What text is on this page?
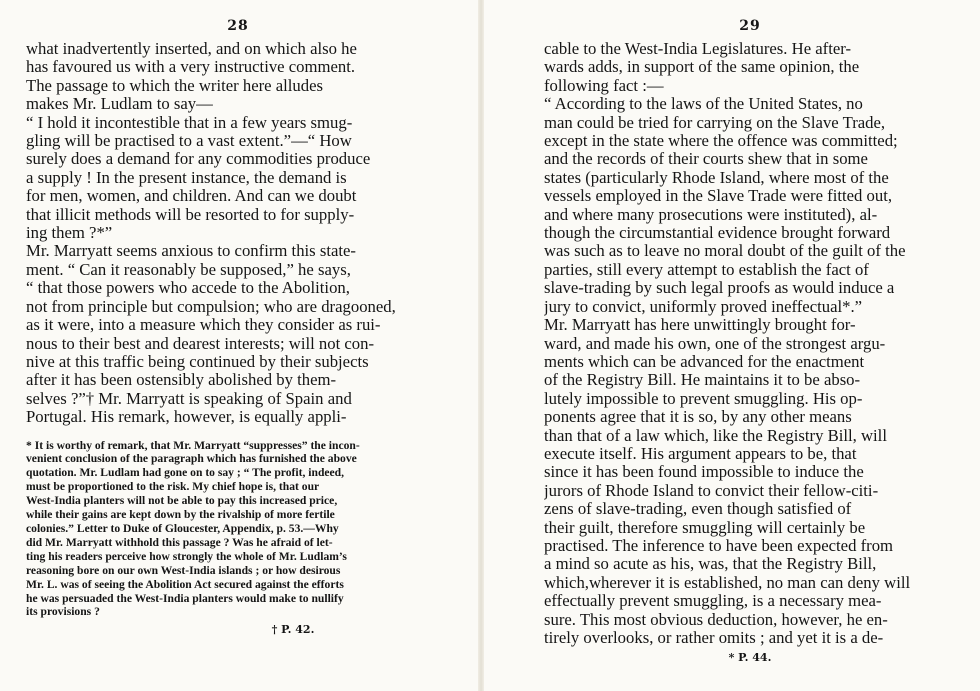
28
what inadvertently inserted, and on which also he
has favoured us with a very instructive comment.
The passage to which the writer here alludes
makes Mr. Ludlam to say—
“ I hold it incontestible that in a few years smug-
gling will be practised to a vast extent.”—“ How
surely does a demand for any commodities produce
a supply ! In the present instance, the demand is
for men, women, and children. And can we doubt
that illicit methods will be resorted to for supply-
ing them ?*”
Mr. Marryatt seems anxious to confirm this state-
ment. “ Can it reasonably be supposed,” he says,
“ that those powers who accede to the Abolition,
not from principle but compulsion; who are dragooned,
as it were, into a measure which they consider as rui-
nous to their best and dearest interests; will not con-
nive at this traffic being continued by their subjects
after it has been ostensibly abolished by them-
selves ?”† Mr. Marryatt is speaking of Spain and
Portugal. His remark, however, is equally appli-
* It is worthy of remark, that Mr. Marryatt “suppresses” the incon-
venient conclusion of the paragraph which has furnished the above
quotation. Mr. Ludlam had gone on to say ; “ The profit, indeed,
must be proportioned to the risk. My chief hope is, that our
West-India planters will not be able to pay this increased price,
while their gains are kept down by the rivalship of more fertile
colonies.” Letter to Duke of Gloucester, Appendix, p. 53.—Why
did Mr. Marryatt withhold this passage ? Was he afraid of let-
ting his readers perceive how strongly the whole of Mr. Ludlam’s
reasoning bore on our own West-India islands ; or how desirous
Mr. L. was of seeing the Abolition Act secured against the efforts
he was persuaded the West-India planters would make to nullify
its provisions ?
† P. 42.
29
cable to the West-India Legislatures. He after-
wards adds, in support of the same opinion, the
following fact :—
“ According to the laws of the United States, no
man could be tried for carrying on the Slave Trade,
except in the state where the offence was committed;
and the records of their courts shew that in some
states (particularly Rhode Island, where most of the
vessels employed in the Slave Trade were fitted out,
and where many prosecutions were instituted), al-
though the circumstantial evidence brought forward
was such as to leave no moral doubt of the guilt of the
parties, still every attempt to establish the fact of
slave-trading by such legal proofs as would induce a
jury to convict, uniformly proved ineffectual*.”
Mr. Marryatt has here unwittingly brought for-
ward, and made his own, one of the strongest argu-
ments which can be advanced for the enactment
of the Registry Bill. He maintains it to be abso-
lutely impossible to prevent smuggling. His op-
ponents agree that it is so, by any other means
than that of a law which, like the Registry Bill, will
execute itself. His argument appears to be, that
since it has been found impossible to induce the
jurors of Rhode Island to convict their fellow-citi-
zens of slave-trading, even though satisfied of
their guilt, therefore smuggling will certainly be
practised. The inference to have been expected from
a mind so acute as his, was, that the Registry Bill,
which,wherever it is established, no man can deny will
effectually prevent smuggling, is a necessary mea-
sure. This most obvious deduction, however, he en-
tirely overlooks, or rather omits ; and yet it is a de-
* P. 44.
